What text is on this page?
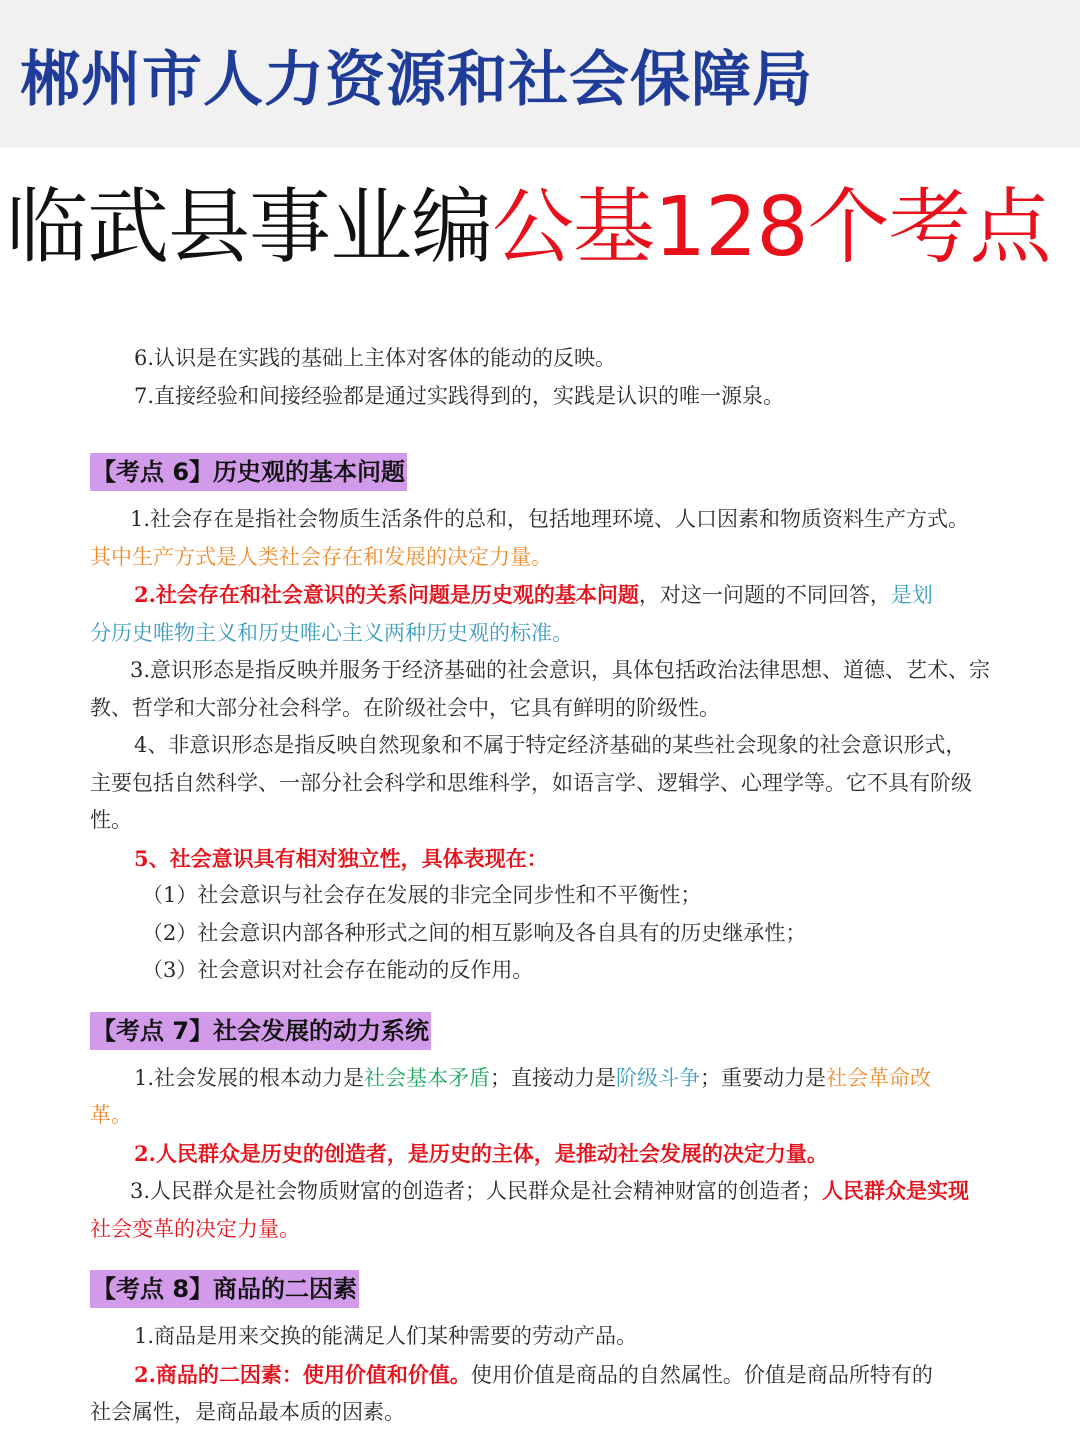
郴州市人力资源和社会保障局
临武县事业编公基128个考点
6.认识是在实践的基础上主体对客体的能动的反映。
7.直接经验和间接经验都是通过实践得到的，实践是认识的唯一源泉。
【考点 6】历史观的基本问题
1.社会存在是指社会物质生活条件的总和，包括地理环境、人口因素和物质资料生产方式。
其中生产方式是人类社会存在和发展的决定力量。
2.社会存在和社会意识的关系问题是历史观的基本问题，对这一问题的不同回答，是划
分历史唯物主义和历史唯心主义两种历史观的标准。
3.意识形态是指反映并服务于经济基础的社会意识，具体包括政治法律思想、道德、艺术、宗
教、哲学和大部分社会科学。在阶级社会中，它具有鲜明的阶级性。
4、非意识形态是指反映自然现象和不属于特定经济基础的某些社会现象的社会意识形式，
主要包括自然科学、一部分社会科学和思维科学，如语言学、逻辑学、心理学等。它不具有阶级
性。
5、社会意识具有相对独立性，具体表现在：
（1）社会意识与社会存在发展的非完全同步性和不平衡性；
（2）社会意识内部各种形式之间的相互影响及各自具有的历史继承性；
（3）社会意识对社会存在能动的反作用。
【考点 7】社会发展的动力系统
1.社会发展的根本动力是社会基本矛盾；直接动力是阶级斗争；重要动力是社会革命改
革。
2.人民群众是历史的创造者，是历史的主体，是推动社会发展的决定力量。
3.人民群众是社会物质财富的创造者；人民群众是社会精神财富的创造者；人民群众是实现
社会变革的决定力量。
【考点 8】商品的二因素
1.商品是用来交换的能满足人们某种需要的劳动产品。
2.商品的二因素：使用价值和价值。使用价值是商品的自然属性。价值是商品所特有的
社会属性，是商品最本质的因素。
